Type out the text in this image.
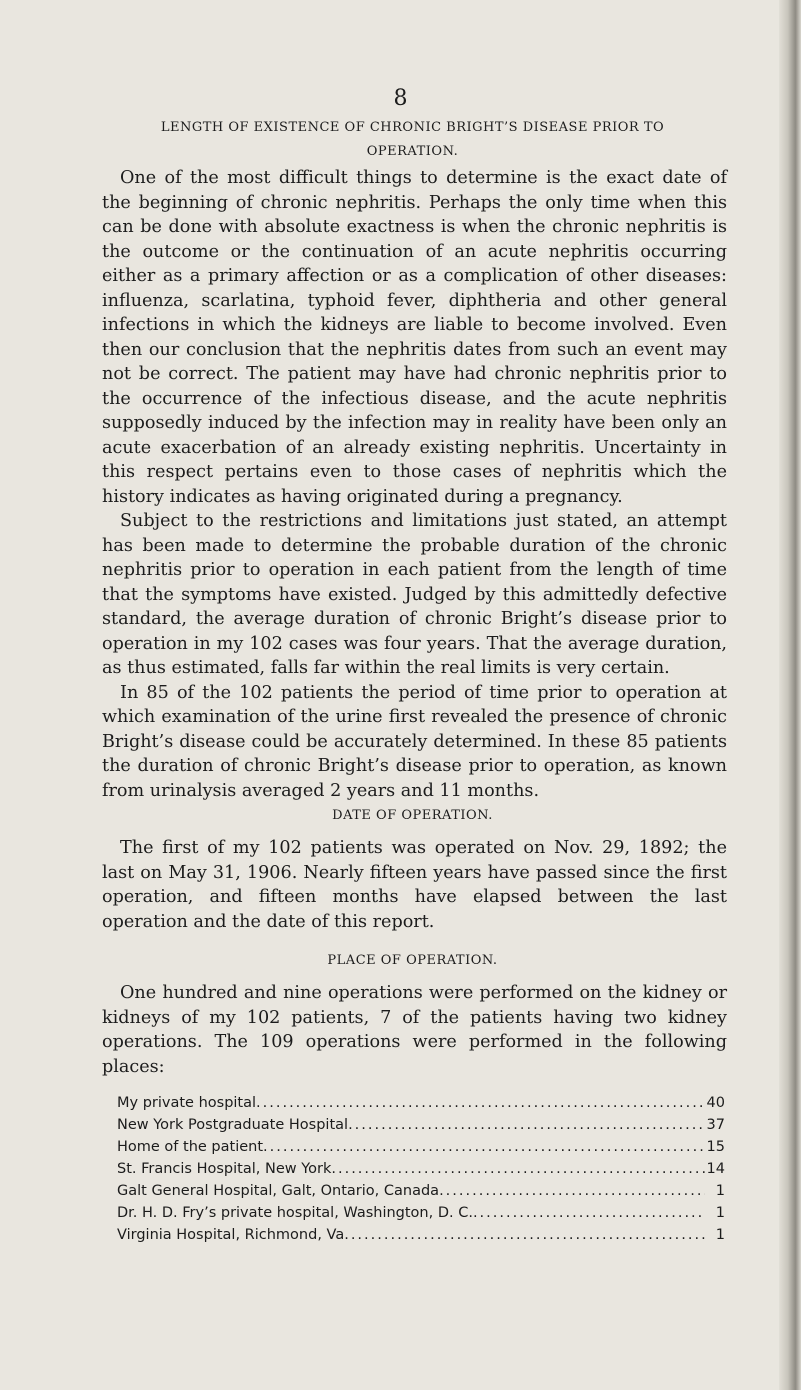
8
LENGTH OF EXISTENCE OF CHRONIC BRIGHT’S DISEASE PRIOR TO
OPERATION.

One of the most difficult things to determine is the exact date of the beginning of chronic nephritis. Perhaps the only time when this can be done with absolute exactness is when the chronic nephritis is the outcome or the continuation of an acute nephritis occurring either as a primary affection or as a complication of other diseases: influenza, scarlatina, typhoid fever, diphtheria and other general infections in which the kidneys are liable to become involved. Even then our conclusion that the nephritis dates from such an event may not be correct. The patient may have had chronic nephritis prior to the occurrence of the infectious disease, and the acute nephritis supposedly induced by the infection may in reality have been only an acute exacerbation of an already existing nephritis. Uncertainty in this respect pertains even to those cases of nephritis which the history indicates as having originated during a pregnancy.

Subject to the restrictions and limitations just stated, an attempt has been made to determine the probable duration of the chronic nephritis prior to operation in each patient from the length of time that the symptoms have existed. Judged by this admittedly defective standard, the average duration of chronic Bright’s disease prior to operation in my 102 cases was four years. That the average duration, as thus estimated, falls far within the real limits is very certain.

In 85 of the 102 patients the period of time prior to operation at which examination of the urine first revealed the presence of chronic Bright’s disease could be accurately determined. In these 85 patients the duration of chronic Bright’s disease prior to operation, as known from urinalysis averaged 2 years and 11 months.

DATE OF OPERATION.

The first of my 102 patients was operated on Nov. 29, 1892; the last on May 31, 1906. Nearly fifteen years have passed since the first operation, and fifteen months have elapsed between the last operation and the date of this report.

PLACE OF OPERATION.

One hundred and nine operations were performed on the kidney or kidneys of my 102 patients, 7 of the patients having two kidney operations. The 109 operations were performed in the following places:

My private hospital .....	40
New York Postgraduate Hospital .....	37
Home of the patient .....	15
St. Francis Hospital, New York .....	14
Galt General Hospital, Galt, Ontario, Canada .....	1
Dr. H. D. Fry’s private hospital, Washington, D. C. .....	1
Virginia Hospital, Richmond, Va .....	1
